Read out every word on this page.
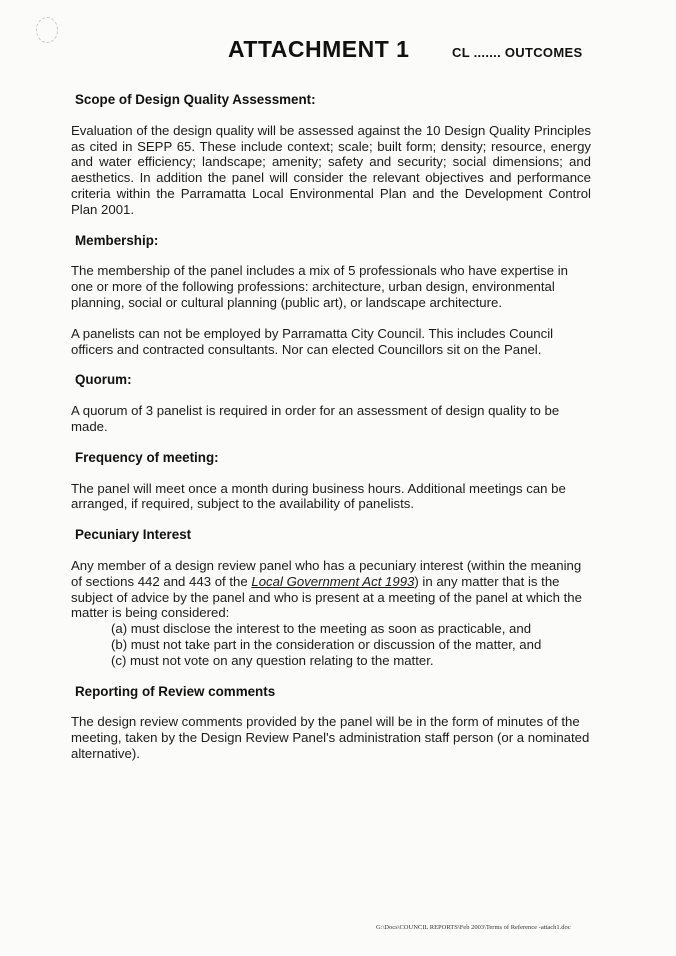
ATTACHMENT 1	CL ....... OUTCOMES
Scope of Design Quality Assessment:

Evaluation of the design quality will be assessed against the 10 Design Quality Principles as cited in SEPP 65. These include context; scale; built form; density; resource, energy and water efficiency; landscape; amenity; safety and security; social dimensions; and aesthetics. In addition the panel will consider the relevant objectives and performance criteria within the Parramatta Local Environmental Plan and the Development Control Plan 2001.

Membership:

The membership of the panel includes a mix of 5 professionals who have expertise in one or more of the following professions: architecture, urban design, environmental planning, social or cultural planning (public art), or landscape architecture.

A panelists can not be employed by Parramatta City Council. This includes Council officers and contracted consultants. Nor can elected Councillors sit on the Panel.

Quorum:

A quorum of 3 panelist is required in order for an assessment of design quality to be made.

Frequency of meeting:

The panel will meet once a month during business hours. Additional meetings can be arranged, if required, subject to the availability of panelists.

Pecuniary Interest

Any member of a design review panel who has a pecuniary interest (within the meaning of sections 442 and 443 of the Local Government Act 1993) in any matter that is the subject of advice by the panel and who is present at a meeting of the panel at which the matter is being considered:

(a) must disclose the interest to the meeting as soon as practicable, and
(b) must not take part in the consideration or discussion of the matter, and
(c) must not vote on any question relating to the matter.
Reporting of Review comments

The design review comments provided by the panel will be in the form of minutes of the meeting, taken by the Design Review Panel's administration staff person (or a nominated alternative).

G:\Docs\COUNCIL REPORTS\Feb 2003\Terms of Reference -attach1.doc
